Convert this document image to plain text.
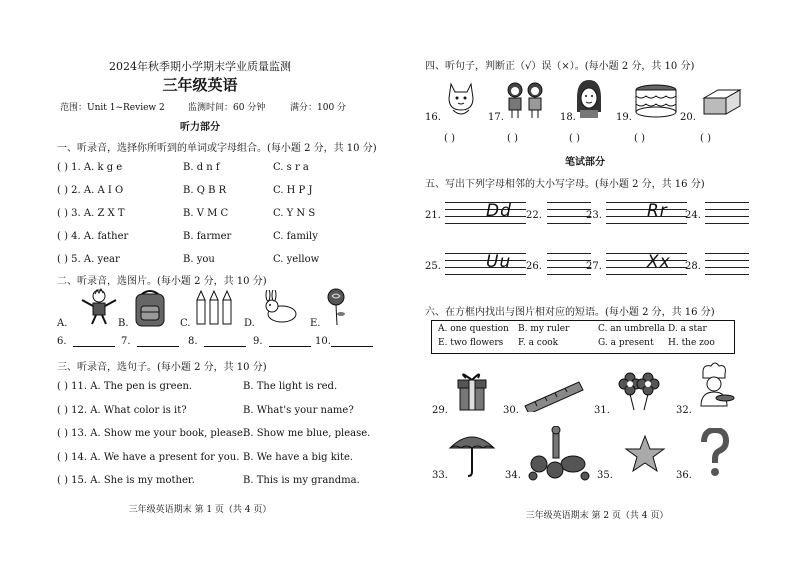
2024年秋季期小学期末学业质量监测
三年级英语
范围：Unit 1~Review 2	监测时间：60 分钟	满分：100 分
听力部分
一、听录音，选择你所听到的单词或字母组合。(每小题 2 分，共 10 分)
( ) 1. A. k g e	B. d n f	C. s r a
( ) 2. A. A I O	B. Q B R	C. H P J
( ) 3. A. Z X T	B. V M C	C. Y N S
( ) 4. A. father	B. farmer	C. family
( ) 5. A. year	B. you	C. yellow
二、听录音，选图片。(每小题 2 分，共 10 分)
A.	B.	C.	D.	E.
6.	7.	8.	9.	10.
三、听录音，选句子。(每小题 2 分，共 10 分)
( ) 11. A. The pen is green.	B. The light is red.
( ) 12. A. What color is it?	B. What's your name?
( ) 13. A. Show me your book, please.
B. Show me blue, please.
( ) 14. A. We have a present for you. B. We have a big kite.
( ) 15. A. She is my mother.	B. This is my grandma.
三年级英语期末 第 1 页（共 4 页）
四、听句子，判断正（√）误（×）。(每小题 2 分，共 10 分)
16.	17.	18.	19.	20.
( )	( )	( )	( )	( )
笔试部分
五、写出下列字母相邻的大小写字母。(每小题 2 分，共 16 分)
21.	22.	23.	24.
Dd	Rr
25.	26.	27.	28.
Uu	Xx
六、在方框内找出与图片相对应的短语。(每小题 2 分，共 16 分)
A. one question B. my ruler	C. an umbrella D. a star
E. two flowers F. a cook	G. a present H. the zoo
29.	30.	31.	32.
33.	34.	35.	36.
三年级英语期末 第 2 页（共 4 页）
